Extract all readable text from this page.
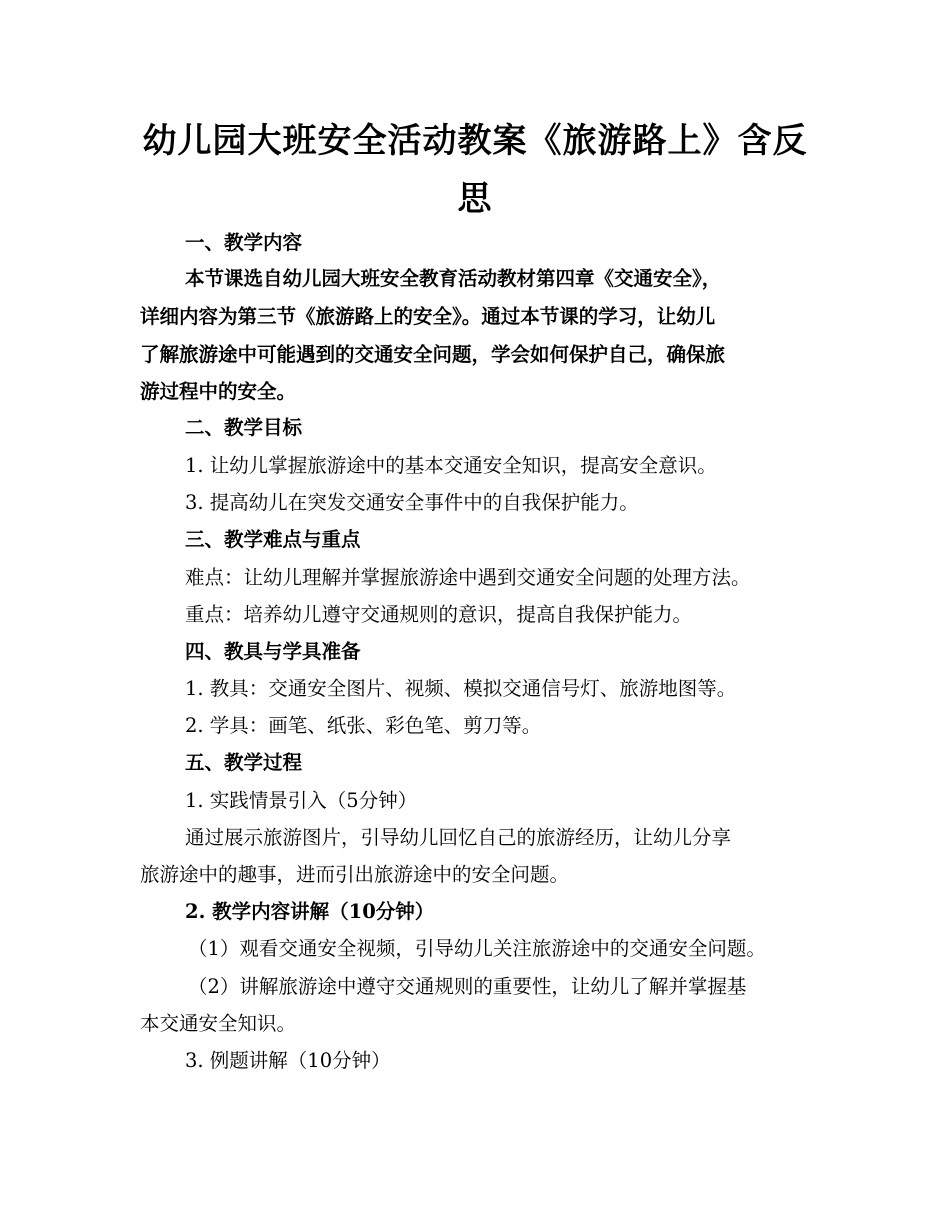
幼儿园大班安全活动教案《旅游路上》含反
思
一、教学内容
本节课选自幼儿园大班安全教育活动教材第四章《交通安全》，
详细内容为第三节《旅游路上的安全》。通过本节课的学习，让幼儿
了解旅游途中可能遇到的交通安全问题，学会如何保护自己，确保旅
游过程中的安全。
二、教学目标
1. 让幼儿掌握旅游途中的基本交通安全知识，提高安全意识。
3. 提高幼儿在突发交通安全事件中的自我保护能力。
三、教学难点与重点
难点：让幼儿理解并掌握旅游途中遇到交通安全问题的处理方法。
重点：培养幼儿遵守交通规则的意识，提高自我保护能力。
四、教具与学具准备
1. 教具：交通安全图片、视频、模拟交通信号灯、旅游地图等。
2. 学具：画笔、纸张、彩色笔、剪刀等。
五、教学过程
1. 实践情景引入（5分钟）
通过展示旅游图片，引导幼儿回忆自己的旅游经历，让幼儿分享
旅游途中的趣事，进而引出旅游途中的安全问题。
2. 教学内容讲解（10分钟）
（1）观看交通安全视频，引导幼儿关注旅游途中的交通安全问题。
（2）讲解旅游途中遵守交通规则的重要性，让幼儿了解并掌握基
本交通安全知识。
3. 例题讲解（10分钟）
